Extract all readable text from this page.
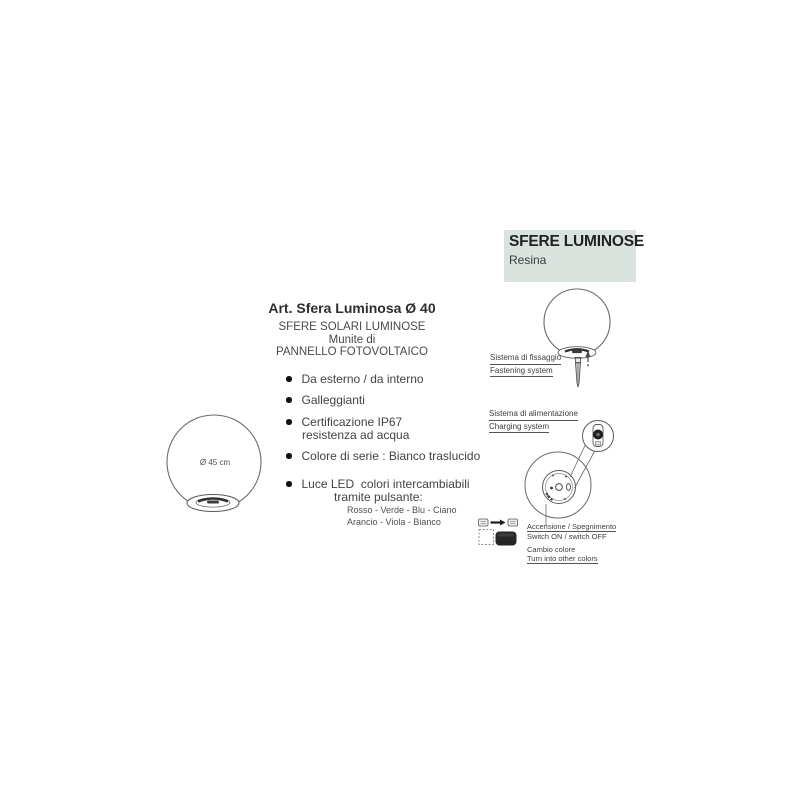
SFERE LUMINOSE
Resina
Ø 45 cm
Art. Sfera Luminosa Ø 40
SFERE SOLARI LUMINOSE
Munite di
PANNELLO FOTOVOLTAICO
Da esterno / da interno
Galleggianti
Certificazione IP67
resistenza ad acqua
Colore di serie : Bianco traslucido
Luce LED  colori intercambiabili
tramite pulsante:
Rosso - Verde - Blu - Ciano
Arancio - Viola - Bianco
Sistema di fissaggio
Fastening system
Sistema di alimentazione
Charging system
Accensione / Spegnimento
Switch ON / switch OFF
Cambio colore
Turn into other colors
